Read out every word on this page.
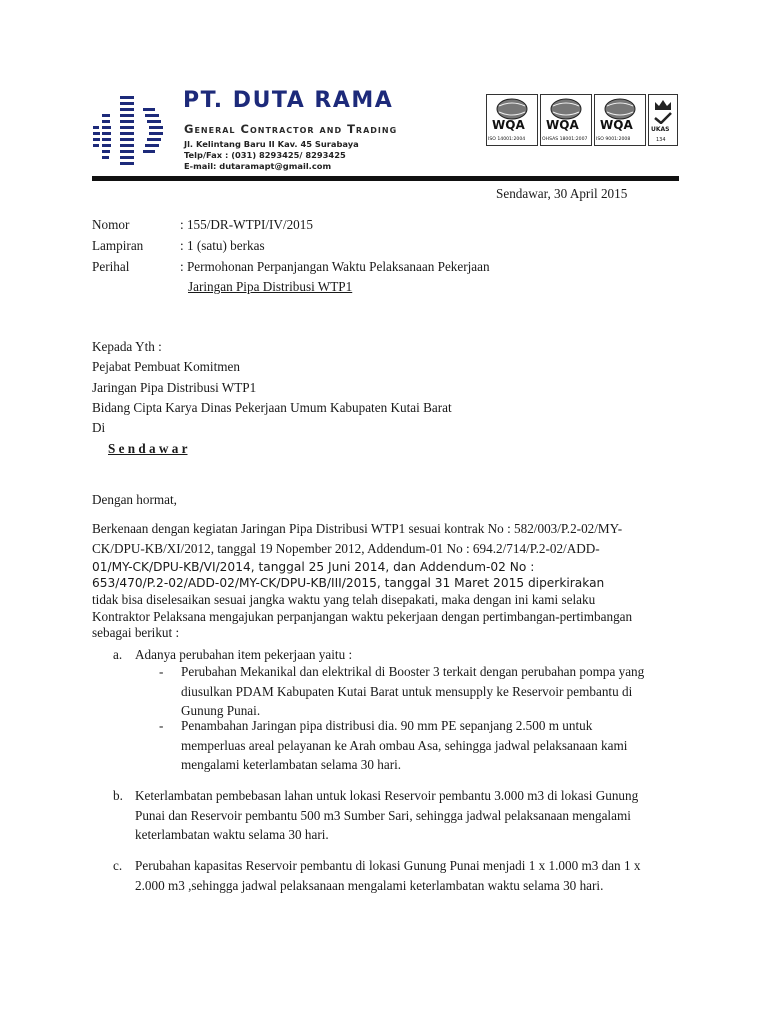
PT. DUTA RAMA
General Contractor and Trading
Jl. Kelintang Baru II Kav. 45 Surabaya
Telp/Fax : (031) 8293425/ 8293425
E-mail: dutaramapt@gmail.com
WQA
ISO 14001:2004
WQA
OHSAS 18001:2007
WQA
ISO 9001:2008
UKAS
134
Sendawar, 30 April 2015
Nomor	: 155/DR-WTPI/IV/2015
Lampiran	: 1 (satu) berkas
Perihal	: Permohonan Perpanjangan Waktu Pelaksanaan Pekerjaan
Jaringan Pipa Distribusi WTP1
Kepada Yth :
Pejabat Pembuat Komitmen
Jaringan Pipa Distribusi WTP1
Bidang Cipta Karya Dinas Pekerjaan Umum Kabupaten Kutai Barat
Di
S e n d a w a r
Dengan hormat,
Berkenaan dengan kegiatan Jaringan Pipa Distribusi WTP1 sesuai kontrak No : 582/003/P.2-02/MY-
CK/DPU-KB/XI/2012, tanggal 19 Nopember 2012, Addendum-01 No : 694.2/714/P.2-02/ADD-
01/MY-CK/DPU-KB/VI/2014, tanggal 25 Juni 2014, dan Addendum-02 No :
653/470/P.2-02/ADD-02/MY-CK/DPU-KB/III/2015, tanggal 31 Maret 2015 diperkirakan
tidak bisa diselesaikan sesuai jangka waktu yang telah disepakati, maka dengan ini kami selaku
Kontraktor Pelaksana mengajukan perpanjangan waktu pekerjaan dengan pertimbangan-pertimbangan
sebagai berikut :
a. Adanya perubahan item pekerjaan yaitu :
- Perubahan Mekanikal dan elektrikal di Booster 3 terkait dengan perubahan pompa yang
diusulkan PDAM Kabupaten Kutai Barat untuk mensupply ke Reservoir pembantu di
Gunung Punai.
- Penambahan Jaringan pipa distribusi dia. 90 mm PE sepanjang 2.500 m untuk
memperluas areal pelayanan ke Arah ombau Asa, sehingga jadwal pelaksanaan kami
mengalami keterlambatan selama 30 hari.
b. Keterlambatan pembebasan lahan untuk lokasi Reservoir pembantu 3.000 m3 di lokasi Gunung
Punai dan Reservoir pembantu 500 m3 Sumber Sari, sehingga jadwal pelaksanaan mengalami
keterlambatan waktu selama 30 hari.
c. Perubahan kapasitas Reservoir pembantu di lokasi Gunung Punai menjadi 1 x 1.000 m3 dan 1 x
2.000 m3 ,sehingga jadwal pelaksanaan mengalami keterlambatan waktu selama 30 hari.
